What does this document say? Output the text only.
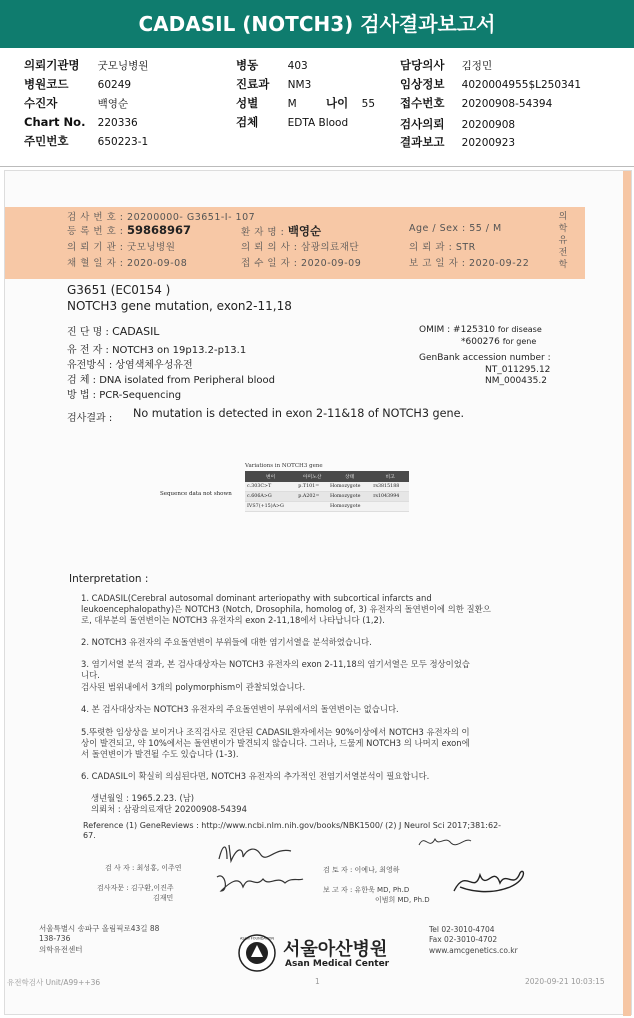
CADASIL (NOTCH3) 검사결과보고서
의뢰기관명 굿모닝병원
병원코드	60249
수진자	백영순
Chart No. 220336
주민번호	650223-1
병동	403
진료과 NM3
성별	M	나이 55
검체	EDTA Blood
담당의사 김정민
임상정보 4020004955$L250341
접수번호 20200908-54394
검사의뢰 20200908
결과보고 20200923
검 사 번 호 : 20200000- G3651-I- 107
등 록 번 호 : 59868967	환 자 명 : 백영순	Age / Sex : 55 / M
의 뢰 기 관 : 굿모닝병원	의 뢰 의 사 : 삼광의료재단	의 뢰 과 : STR
채 혈 일 자 : 2020-09-08	접 수 일 자 : 2020-09-09	보 고 일 자 : 2020-09-22
의학유전학
G3651 (EC0154 )
NOTCH3 gene mutation, exon2-11,18
진 단 명 : CADASIL
유 전 자 : NOTCH3 on 19p13.2-p13.1
유전방식 : 상염색체우성유전
검 체 : DNA isolated from Peripheral blood
방 법 : PCR-Sequencing
OMIM : #125310 for disease
*600276 for gene
GenBank accession number :
NT_011295.12
NM_000435.2
검사결과 : No mutation is detected in exon 2-11&18 of NOTCH3 gene.
Sequence data not shown
Variations in NOTCH3 gene
변이	아미노산	상태	비고
c.303C>T	p.T101=	Homozygote	rs3815188
c.606A>G	p.A202=	Homozygote	rs1043994
IVS7(+15)A>G		Homozygote	
Interpretation :
1. CADASIL(Cerebral autosomal dominant arteriopathy with subcortical infarcts and
leukoencephalopathy)은 NOTCH3 (Notch, Drosophila, homolog of, 3) 유전자의 돌연변이에 의한 질환으
로, 대부분의 돌연변이는 NOTCH3 유전자의 exon 2-11,18에서 나타납니다 (1,2).
2. NOTCH3 유전자의 주요돌연변이 부위들에 대한 염기서열을 분석하였습니다.
3. 염기서열 분석 결과, 본 검사대상자는 NOTCH3 유전자의 exon 2-11,18의 염기서열은 모두 정상이었습
니다.
검사된 범위내에서 3개의 polymorphism이 관찰되었습니다.
4. 본 검사대상자는 NOTCH3 유전자의 주요돌연변이 부위에서의 돌연변이는 없습니다.
5.뚜렷한 임상상을 보이거나 조직검사로 진단된 CADASIL환자에서는 90%이상에서 NOTCH3 유전자의 이
상이 발견되고, 약 10%에서는 돌연변이가 발견되지 않습니다. 그러나, 드물게 NOTCH3 의 나머지 exon에
서 돌연변이가 발견될 수도 있습니다 (1-3).
6. CADASIL이 확실히 의심된다면, NOTCH3 유전자의 추가적인 전염기서열분석이 필요합니다.
생년월일 : 1965.2.23. (남)
의뢰처 : 삼광의료재단 20200908-54394
Reference (1) GeneReviews : http://www.ncbi.nlm.nih.gov/books/NBK1500/ (2) J Neurol Sci 2017;381:62-
67.
검 사 자 : 최성홍, 이주연
검사자문 : 김구환,이진주
김재민
검 토 자 : 이예나, 최영하
보 고 자 : 유한욱 MD, Ph.D
이범희 MD, Ph.D
서울특별시 송파구 올림픽로43길 88
138-736
의학유전센터
Tel 02-3010-4704
Fax 02-3010-4702
www.amcgenetics.co.kr
ASAN FOUNDATION
서울아산병원
Asan Medical Center
유전학검사 Unit/A99++36	1	2020-09-21 10:03:15
